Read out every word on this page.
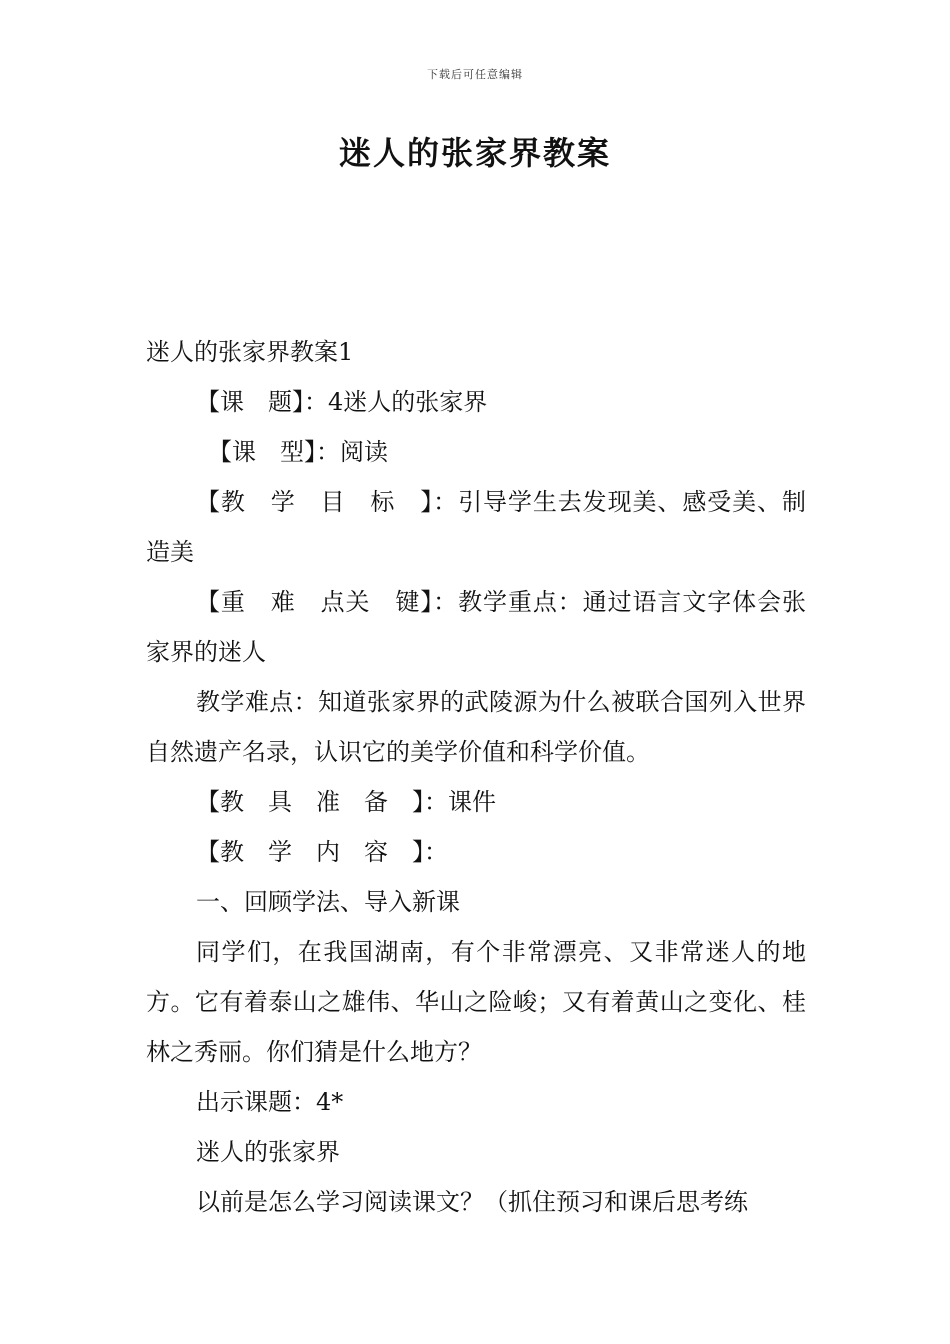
下载后可任意编辑
迷人的张家界教案

迷人的张家界教案1

【课　题】：4迷人的张家界

【课　型】：阅读

【教　学　目　标　】：引导学生去发现美、感受美、制造美

【重　难　点关　键】：教学重点：通过语言文字体会张家界的迷人

教学难点：知道张家界的武陵源为什么被联合国列入世界自然遗产名录，认识它的美学价值和科学价值。

【教　具　准　备　】：课件

【教　学　内　容　】：

一、回顾学法、导入新课

同学们，在我国湖南，有个非常漂亮、又非常迷人的地方。它有着泰山之雄伟、华山之险峻；又有着黄山之变化、桂林之秀丽。你们猜是什么地方？

出示课题：4*

迷人的张家界

以前是怎么学习阅读课文？（抓住预习和课后思考练
